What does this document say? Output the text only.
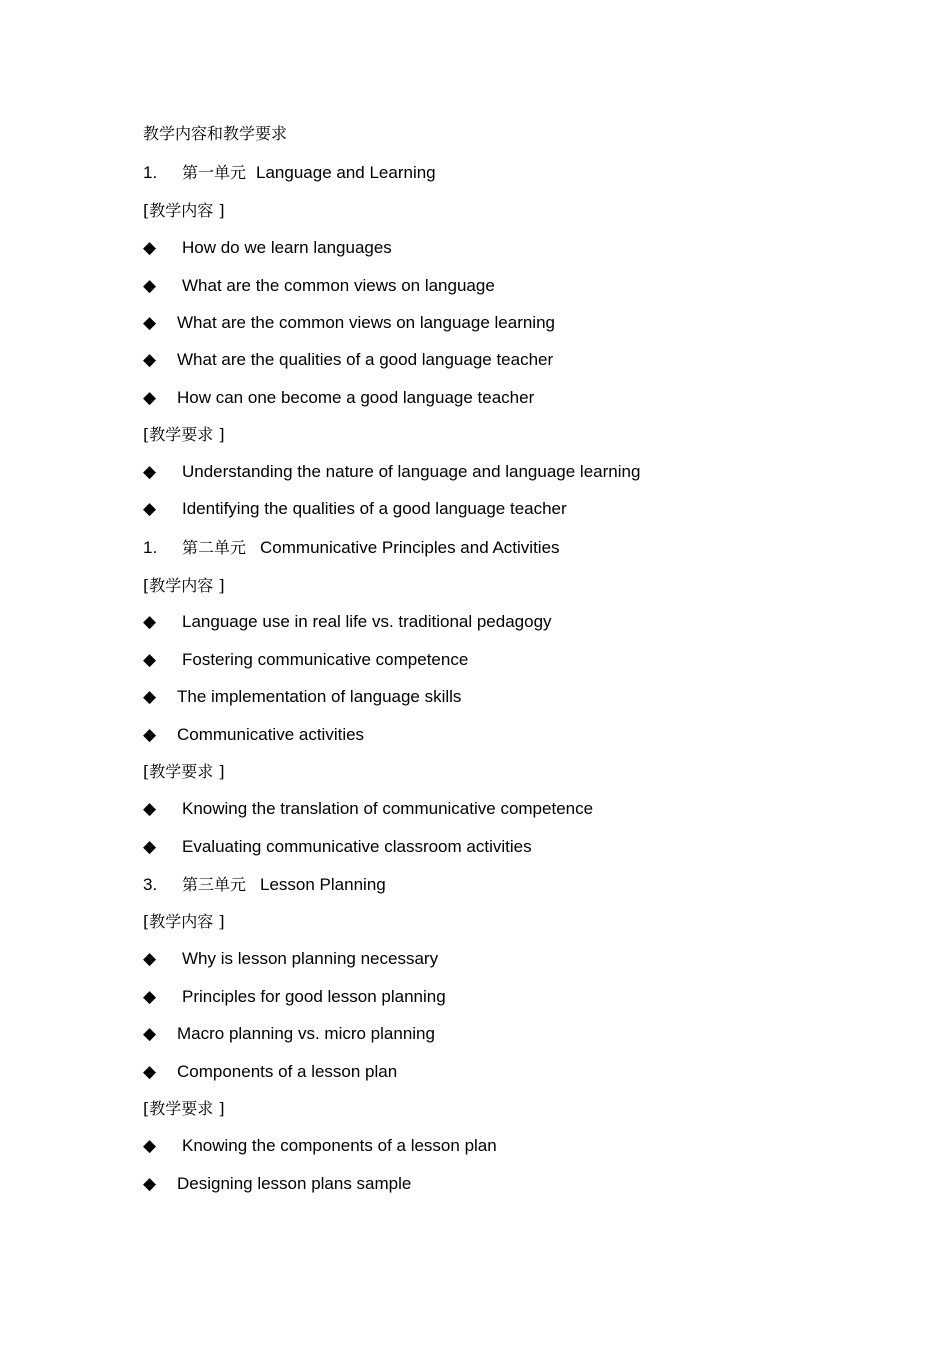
教学内容和教学要求
1. 第一单元 Language and Learning
[教学内容 ]
◆ How do we learn languages
◆ What are the common views on language
◆ What are the common views on language learning
◆ What are the qualities of a good language teacher
◆ How can one become a good language teacher
[教学要求 ]
◆ Understanding the nature of language and language learning
◆ Identifying the qualities of a good language teacher
1. 第二单元 Communicative Principles and Activities
[教学内容 ]
◆ Language use in real life vs. traditional pedagogy
◆ Fostering communicative competence
◆ The implementation of language skills
◆ Communicative activities
[教学要求 ]
◆ Knowing the translation of communicative competence
◆ Evaluating communicative classroom activities
3. 第三单元 Lesson Planning
[教学内容 ]
◆ Why is lesson planning necessary
◆ Principles for good lesson planning
◆ Macro planning vs. micro planning
◆ Components of a lesson plan
[教学要求 ]
◆ Knowing the components of a lesson plan
◆ Designing lesson plans sample
